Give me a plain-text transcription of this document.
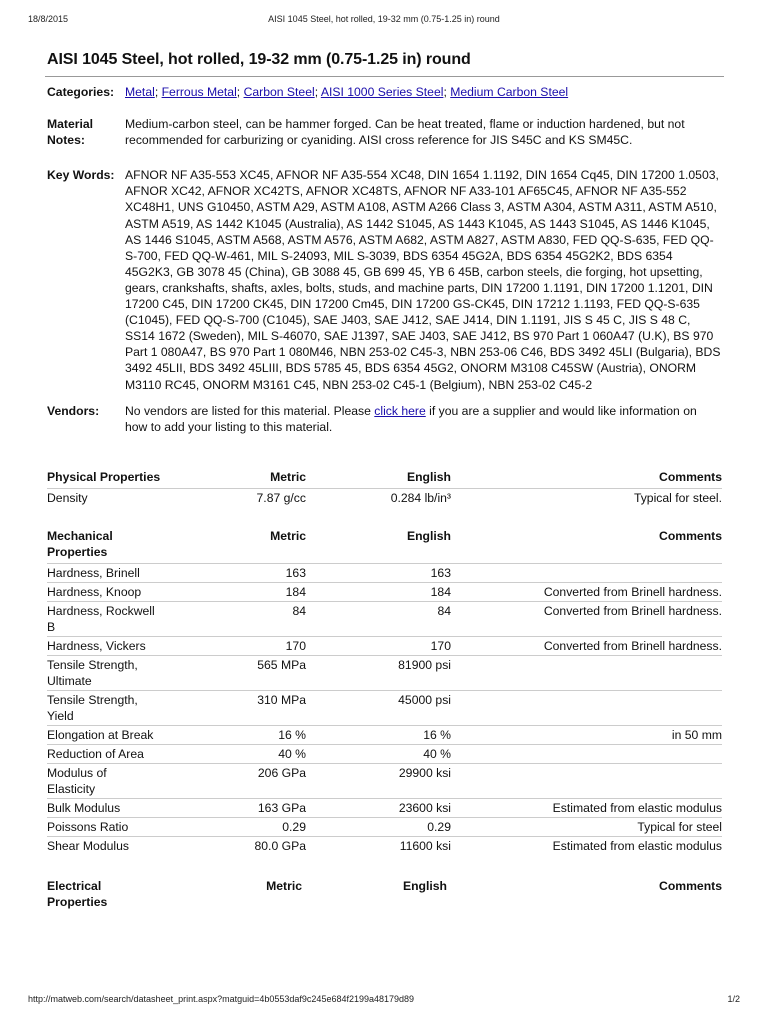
18/8/2015	AISI 1045 Steel, hot rolled, 19-32 mm (0.75-1.25 in) round
AISI 1045 Steel, hot rolled, 19-32 mm (0.75-1.25 in) round
Categories: Metal; Ferrous Metal; Carbon Steel; AISI 1000 Series Steel; Medium Carbon Steel
Material
Notes:
Medium-carbon steel, can be hammer forged. Can be heat treated, flame or induction hardened, but not recommended for carburizing or cyaniding. AISI cross reference for JIS S45C and KS SM45C.
Key Words: AFNOR NF A35-553 XC45, AFNOR NF A35-554 XC48, DIN 1654 1.1192, DIN 1654 Cq45, DIN 17200 1.0503, AFNOR XC42, AFNOR XC42TS, AFNOR XC48TS, AFNOR NF A33-101 AF65C45, AFNOR NF A35-552 XC48H1, UNS G10450, ASTM A29, ASTM A108, ASTM A266 Class 3, ASTM A304, ASTM A311, ASTM A510, ASTM A519, AS 1442 K1045 (Australia), AS 1442 S1045, AS 1443 K1045, AS 1443 S1045, AS 1446 K1045, AS 1446 S1045, ASTM A568, ASTM A576, ASTM A682, ASTM A827, ASTM A830, FED QQ-S-635, FED QQ-S-700, FED QQ-W-461, MIL S-24093, MIL S-3039, BDS 6354 45G2A, BDS 6354 45G2K2, BDS 6354 45G2K3, GB 3078 45 (China), GB 3088 45, GB 699 45, YB 6 45B, carbon steels, die forging, hot upsetting, gears, crankshafts, shafts, axles, bolts, studs, and machine parts, DIN 17200 1.1191, DIN 17200 1.1201, DIN 17200 C45, DIN 17200 CK45, DIN 17200 Cm45, DIN 17200 GS-CK45, DIN 17212 1.1193, FED QQ-S-635 (C1045), FED QQ-S-700 (C1045), SAE J403, SAE J412, SAE J414, DIN 1.1191, JIS S 45 C, JIS S 48 C, SS14 1672 (Sweden), MIL S-46070, SAE J1397, SAE J403, SAE J412, BS 970 Part 1 060A47 (U.K), BS 970 Part 1 080A47, BS 970 Part 1 080M46, NBN 253-02 C45-3, NBN 253-06 C46, BDS 3492 45LI (Bulgaria), BDS 3492 45LII, BDS 3492 45LIII, BDS 5785 45, BDS 6354 45G2, ONORM M3108 C45SW (Austria), ONORM M3110 RC45, ONORM M3161 C45, NBN 253-02 C45-1 (Belgium), NBN 253-02 C45-2
Vendors:	No vendors are listed for this material. Please click here if you are a supplier and would like information on how to add your listing to this material.
Physical Properties	Metric	English	Comments
Density	7.87 g/cc	0.284 lb/in³	Typical for steel.
Mechanical Properties	Metric	English	Comments
Hardness, Brinell	163	163	
Hardness, Knoop	184	184	Converted from Brinell hardness.
Hardness, Rockwell B	84	84	Converted from Brinell hardness.
Hardness, Vickers	170	170	Converted from Brinell hardness.
Tensile Strength, Ultimate	565 MPa	81900 psi	
Tensile Strength, Yield	310 MPa	45000 psi	
Elongation at Break	16 %	16 %	in 50 mm
Reduction of Area	40 %	40 %	
Modulus of Elasticity	206 GPa	29900 ksi	
Bulk Modulus	163 GPa	23600 ksi	Estimated from elastic modulus
Poissons Ratio	0.29	0.29	Typical for steel
Shear Modulus	80.0 GPa	11600 ksi	Estimated from elastic modulus
Electrical Properties	Metric	English	Comments
http://matweb.com/search/datasheet_print.aspx?matguid=4b0553daf9c245e684f2199a48179d89	1/2
